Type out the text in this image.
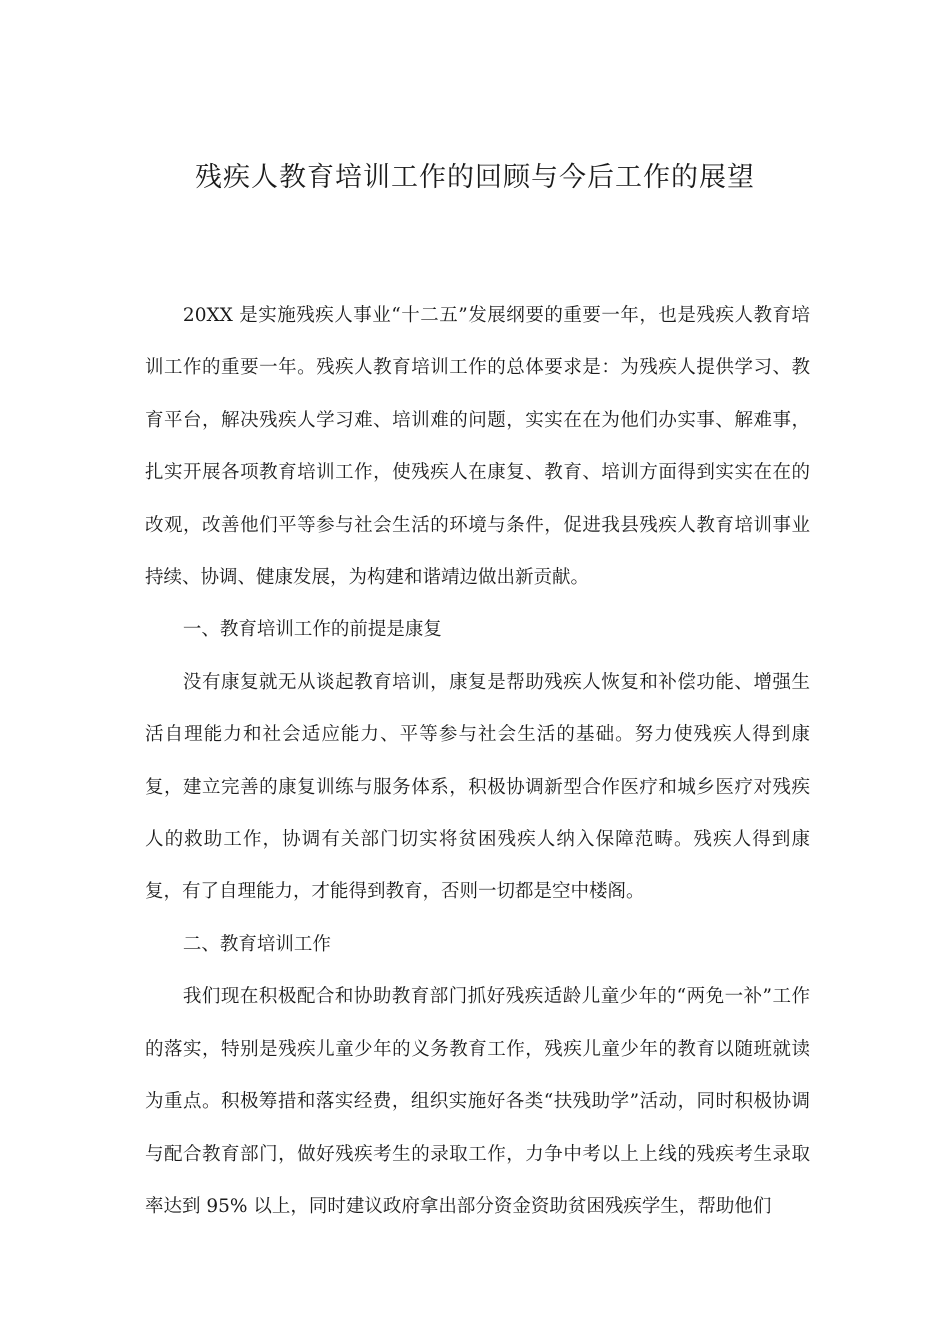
残疾人教育培训工作的回顾与今后工作的展望

20XX 是实施残疾人事业“十二五”发展纲要的重要一年，也是残疾人教育培训工作的重要一年。残疾人教育培训工作的总体要求是：为残疾人提供学习、教育平台，解决残疾人学习难、培训难的问题，实实在在为他们办实事、解难事，扎实开展各项教育培训工作，使残疾人在康复、教育、培训方面得到实实在在的改观，改善他们平等参与社会生活的环境与条件，促进我县残疾人教育培训事业持续、协调、健康发展，为构建和谐靖边做出新贡献。

一、教育培训工作的前提是康复

没有康复就无从谈起教育培训，康复是帮助残疾人恢复和补偿功能、增强生活自理能力和社会适应能力、平等参与社会生活的基础。努力使残疾人得到康复，建立完善的康复训练与服务体系，积极协调新型合作医疗和城乡医疗对残疾人的救助工作，协调有关部门切实将贫困残疾人纳入保障范畴。残疾人得到康复，有了自理能力，才能得到教育，否则一切都是空中楼阁。

二、教育培训工作

我们现在积极配合和协助教育部门抓好残疾适龄儿童少年的“两免一补”工作的落实，特别是残疾儿童少年的义务教育工作，残疾儿童少年的教育以随班就读为重点。积极筹措和落实经费，组织实施好各类“扶残助学”活动，同时积极协调与配合教育部门，做好残疾考生的录取工作，力争中考以上上线的残疾考生录取率达到 95% 以上，同时建议政府拿出部分资金资助贫困残疾学生，帮助他们
